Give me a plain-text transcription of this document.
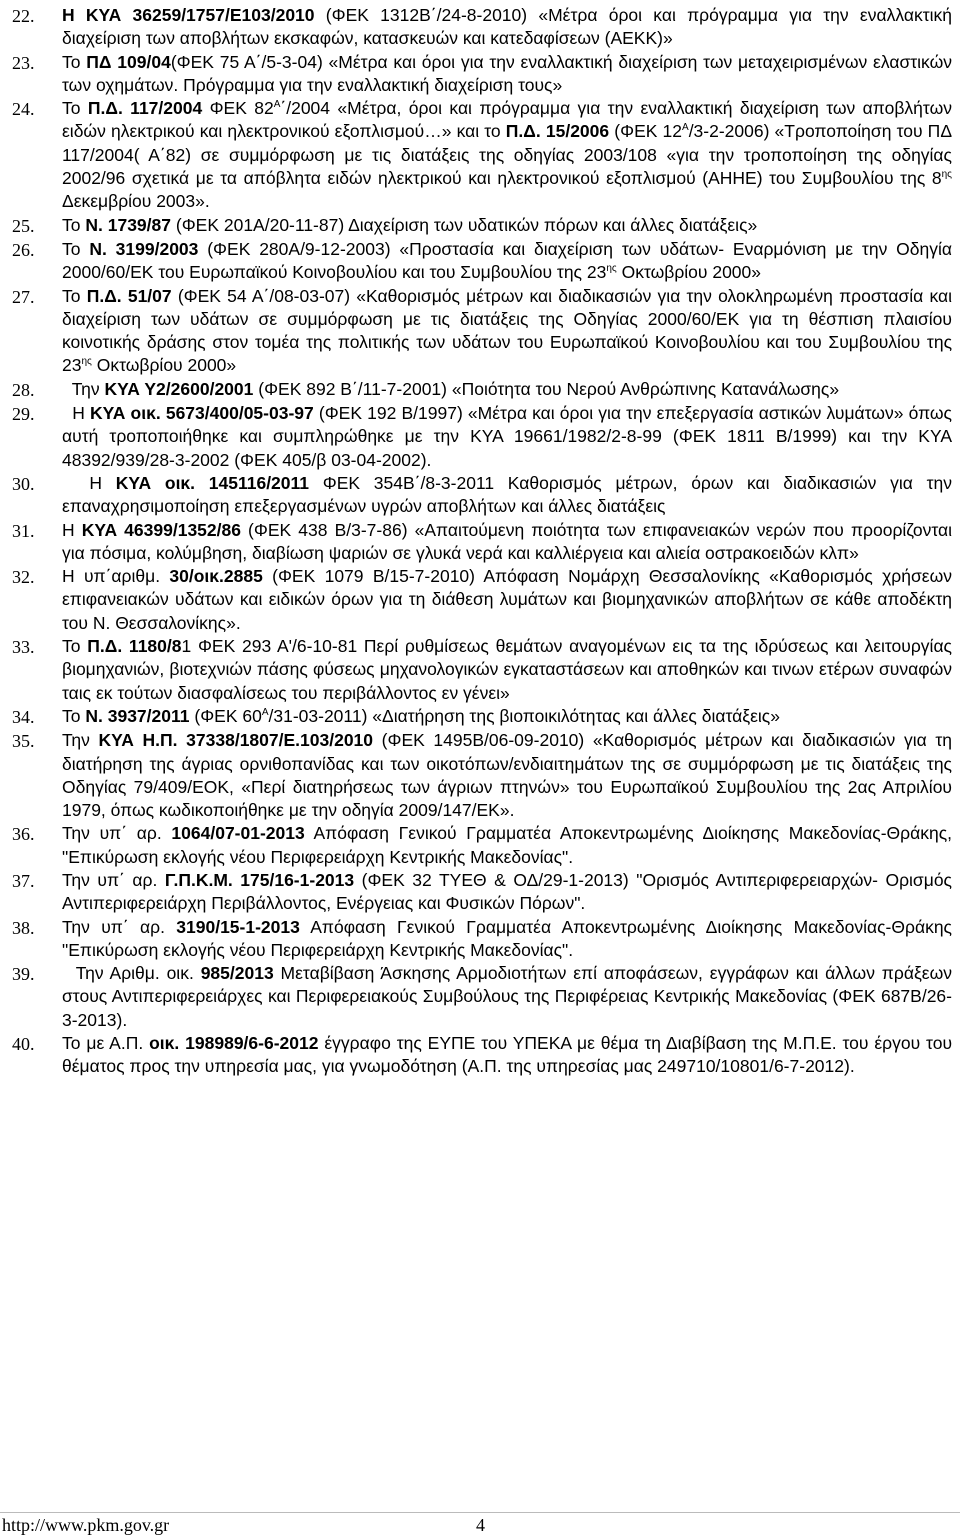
22.	Η ΚΥΑ 36259/1757/Ε103/2010 (ΦΕΚ 1312Β΄/24-8-2010) «Μέτρα όροι και πρόγραμμα για την εναλλακτική διαχείριση των αποβλήτων εκσκαφών, κατασκευών και κατεδαφίσεων (ΑΕΚΚ)»
23.	Το ΠΔ 109/04(ΦΕΚ 75 Α΄/5-3-04) «Μέτρα και όροι για την εναλλακτική διαχείριση των μεταχειρισμένων ελαστικών των οχημάτων. Πρόγραμμα για την εναλλακτική διαχείριση τους»
24.	Το Π.Δ. 117/2004 ΦΕΚ $82^A΄/2004$ «Μέτρα, όροι και πρόγραμμα για την εναλλακτική διαχείριση των αποβλήτων ειδών ηλεκτρικού και ηλεκτρονικού εξοπλισμού…» και το Π.Δ. 15/2006 (ΦΕΚ $12^A/3-2-2006$) «Τροποποίηση του ΠΔ 117/2004( Α΄82) σε συμμόρφωση με τις διατάξεις της οδηγίας 2003/108 «για την τροποποίηση της οδηγίας 2002/96 σχετικά με τα απόβλητα ειδών ηλεκτρικού και ηλεκτρονικού εξοπλισμού (ΑΗΗΕ) του Συμβουλίου της $8^{\eta\varsigma}$ Δεκεμβρίου 2003».
25.	Το Ν. 1739/87 (ΦΕΚ 201Α/20-11-87) Διαχείριση των υδατικών πόρων και άλλες διατάξεις»
26.	Το Ν. 3199/2003 (ΦΕΚ 280Α/9-12-2003) «Προστασία και διαχείριση των υδάτων- Εναρμόνιση με την Οδηγία 2000/60/ΕΚ του Ευρωπαϊκού Κοινοβουλίου και του Συμβουλίου της $23^{\eta\varsigma}$ Οκτωβρίου 2000»
27.	Το Π.Δ. 51/07 (ΦΕΚ 54 Α΄/08-03-07) «Καθορισμός μέτρων και διαδικασιών για την ολοκληρωμένη προστασία και διαχείριση των υδάτων σε συμμόρφωση με τις διατάξεις της Οδηγίας 2000/60/ΕΚ για τη θέσπιση πλαισίου κοινοτικής δράσης στον τομέα της πολιτικής των υδάτων του Ευρωπαϊκού Κοινοβουλίου και του Συμβουλίου της $23^{\eta\varsigma}$ Οκτωβρίου 2000»
28.	Την ΚΥΑ Υ2/2600/2001 (ΦΕΚ 892 Β΄/11-7-2001) «Ποιότητα του Νερού Ανθρώπινης Κατανάλωσης»
29.	Η ΚΥΑ οικ. 5673/400/05-03-97 (ΦΕΚ 192 Β/1997) «Μέτρα και όροι για την επεξεργασία αστικών λυμάτων» όπως αυτή τροποποιήθηκε και συμπληρώθηκε με την ΚΥΑ 19661/1982/2-8-99 (ΦΕΚ 1811 Β/1999) και την ΚΥΑ 48392/939/28-3-2002 (ΦΕΚ 405/β 03-04-2002).
30.	Η ΚΥΑ οικ. 145116/2011 ΦΕΚ 354Β΄/8-3-2011 Καθορισμός μέτρων, όρων και διαδικασιών για την επαναχρησιμοποίηση επεξεργασμένων υγρών αποβλήτων και άλλες διατάξεις
31.	Η ΚΥΑ 46399/1352/86 (ΦΕΚ 438 Β/3-7-86) «Απαιτούμενη ποιότητα των επιφανειακών νερών που προορίζονται για πόσιμα, κολύμβηση, διαβίωση ψαριών σε γλυκά νερά και καλλιέργεια και αλιεία οστρακοειδών κλπ»
32.	Η υπ΄αριθμ. 30/οικ.2885 (ΦΕΚ 1079 Β/15-7-2010) Απόφαση Νομάρχη Θεσσαλονίκης «Καθορισμός χρήσεων επιφανειακών υδάτων και ειδικών όρων για τη διάθεση λυμάτων και βιομηχανικών αποβλήτων σε κάθε αποδέκτη του Ν. Θεσσαλονίκης».
33.	Το Π.Δ. 1180/81 ΦΕΚ 293 Α'/6-10-81 Περί ρυθμίσεως θεμάτων αναγομένων εις τα της ιδρύσεως και λειτουργίας βιομηχανιών, βιοτεχνιών πάσης φύσεως μηχανολογικών εγκαταστάσεων και αποθηκών και τινων ετέρων συναφών ταις εκ τούτων διασφαλίσεως του περιβάλλοντος εν γένει»
34.	Το Ν. 3937/2011 (ΦΕΚ $60^A/31-03-2011$) «Διατήρηση της βιοποικιλότητας και άλλες διατάξεις»
35.	Την ΚΥΑ Η.Π. 37338/1807/Ε.103/2010 (ΦΕΚ 1495Β/06-09-2010) «Καθορισμός μέτρων και διαδικασιών για τη διατήρηση της άγριας ορνιθοπανίδας και των οικοτόπων/ενδιαιτημάτων της σε συμμόρφωση με τις διατάξεις της Οδηγίας 79/409/ΕΟΚ, «Περί διατηρήσεως των άγριων πτηνών» του Ευρωπαϊκού Συμβουλίου της 2ας Απριλίου 1979, όπως κωδικοποιήθηκε με την οδηγία 2009/147/ΕΚ».
36.	Την υπ΄ αρ. 1064/07-01-2013 Απόφαση Γενικού Γραμματέα Αποκεντρωμένης Διοίκησης Μακεδονίας-Θράκης, "Επικύρωση εκλογής νέου Περιφερειάρχη Κεντρικής Μακεδονίας".
37.	Την υπ΄ αρ. Γ.Π.Κ.Μ. 175/16-1-2013 (ΦΕΚ 32 ΤΥΕΘ & ΟΔ/29-1-2013) "Ορισμός Αντιπεριφερειαρχών- Ορισμός Αντιπεριφερειάρχη Περιβάλλοντος, Ενέργειας και Φυσικών Πόρων".
38.	Την υπ΄ αρ. 3190/15-1-2013 Απόφαση Γενικού Γραμματέα Αποκεντρωμένης Διοίκησης Μακεδονίας-Θράκης "Επικύρωση εκλογής νέου Περιφερειάρχη Κεντρικής Μακεδονίας".
39.	Την Αριθμ. οικ. 985/2013 Μεταβίβαση Άσκησης Αρμοδιοτήτων επί αποφάσεων, εγγράφων και άλλων πράξεων στους Αντιπεριφερειάρχες και Περιφερειακούς Συμβούλους της Περιφέρειας Κεντρικής Μακεδονίας (ΦΕΚ 687Β/26-3-2013).
40.	Το με Α.Π. οικ. 198989/6-6-2012 έγγραφο της ΕΥΠΕ του ΥΠΕΚΑ με θέμα τη Διαβίβαση της Μ.Π.Ε. του έργου του θέματος προς την υπηρεσία μας, για γνωμοδότηση (Α.Π. της υπηρεσίας μας 249710/10801/6-7-2012).
http://www.pkm.gov.gr	4
